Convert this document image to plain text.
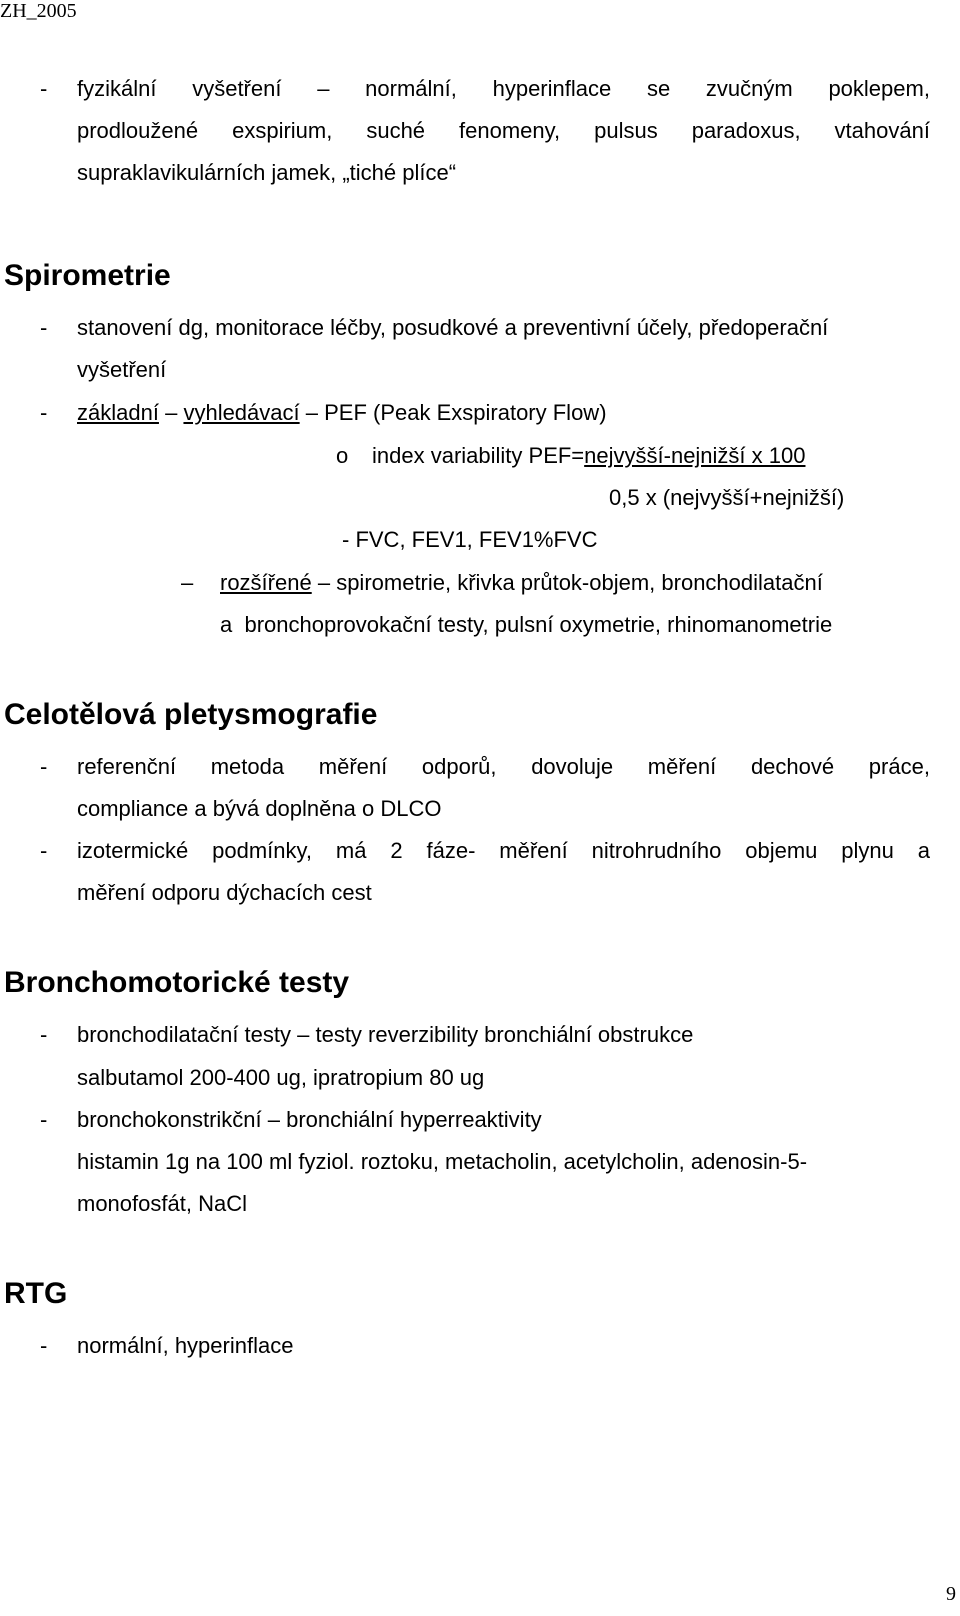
ZH_2005
- fyzikální vyšetření – normální, hyperinflace se zvučným poklepem,
prodloužené exspirium, suché fenomeny, pulsus paradoxus, vtahování
supraklavikulárních jamek, „tiché plíce“
Spirometrie
- stanovení dg, monitorace léčby, posudkové a preventivní účely, předoperační
vyšetření
- základní – vyhledávací – PEF (Peak Exspiratory Flow)
o index variability PEF=nejvyšší-nejnižší x 100
0,5 x (nejvyšší+nejnižší)
- FVC, FEV1, FEV1%FVC
– rozšířené – spirometrie, křivka průtok-objem, bronchodilatační
a  bronchoprovokační testy, pulsní oxymetrie, rhinomanometrie
Celotělová pletysmografie
- referenční metoda měření odporů, dovoluje měření dechové práce,
compliance a bývá doplněna o DLCO
- izotermické podmínky, má 2 fáze- měření nitrohrudního objemu plynu a
měření odporu dýchacích cest
Bronchomotorické testy
- bronchodilatační testy – testy reverzibility bronchiální obstrukce
salbutamol 200-400 ug, ipratropium 80 ug
- bronchokonstrikční – bronchiální hyperreaktivity
histamin 1g na 100 ml fyziol. roztoku, metacholin, acetylcholin, adenosin-5-
monofosfát, NaCl
RTG
- normální, hyperinflace
9
